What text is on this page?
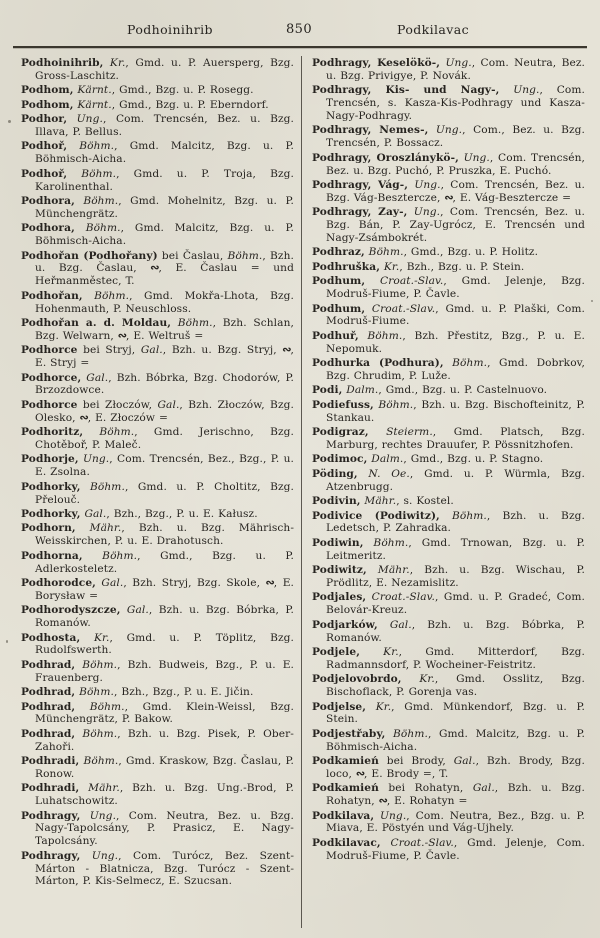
Podhoinihrib	850	Podkilavac

Podhoinihrib, Kr., Gmd. u. P. Auersperg, Bzg. Gross-Laschitz.

Podhom, Kärnt., Gmd., Bzg. u. P. Rosegg.

Podhom, Kärnt., Gmd., Bzg. u. P. Eberndorf.

Podhor, Ung., Com. Trencsén, Bez. u. Bzg. Illava, P. Bellus.

Podhoř, Böhm., Gmd. Malcitz, Bzg. u. P. Böhmisch-Aicha.

Podhoř, Böhm., Gmd. u. P. Troja, Bzg. Karolinenthal.

Podhora, Böhm., Gmd. Mohelnitz, Bzg. u. P. Münchengrätz.

Podhora, Böhm., Gmd. Malcitz, Bzg. u. P. Böhmisch-Aicha.

Podhořan (Podhořany) bei Časlau, Böhm., Bzh. u. Bzg. Časlau, ∾, E. Časlau = und Heřmanměstec, T.

Podhořan, Böhm., Gmd. Mokřa-Lhota, Bzg. Hohenmauth, P. Neuschloss.

Podhořan a. d. Moldau, Böhm., Bzh. Schlan, Bzg. Welwarn, ∾, E. Weltruš =

Podhorce bei Stryj, Gal., Bzh. u. Bzg. Stryj, ∾, E. Stryj =

Podhorce, Gal., Bzh. Bóbrka, Bzg. Chodorów, P. Brzozdowce.

Podhorce bei Złoczów, Gal., Bzh. Złoczów, Bzg. Olesko, ∾, E. Złoczów =

Podhoritz, Böhm., Gmd. Jerischno, Bzg. Chotěboř, P. Maleč.

Podhorje, Ung., Com. Trencsén, Bez., Bzg., P. u. E. Zsolna.

Podhorky, Böhm., Gmd. u. P. Choltitz, Bzg. Přelouč.

Podhorky, Gal., Bzh., Bzg., P. u. E. Kałusz.

Podhorn, Mähr., Bzh. u. Bzg. Mährisch-Weisskirchen, P. u. E. Drahotusch.

Podhorna, Böhm., Gmd., Bzg. u. P. Adlerkosteletz.

Podhorodce, Gal., Bzh. Stryj, Bzg. Skole, ∾, E. Borysław =

Podhorodyszcze, Gal., Bzh. u. Bzg. Bóbrka, P. Romanów.

Podhosta, Kr., Gmd. u. P. Töplitz, Bzg. Rudolfswerth.

Podhrad, Böhm., Bzh. Budweis, Bzg., P. u. E. Frauenberg.

Podhrad, Böhm., Bzh., Bzg., P. u. E. Jičin.

Podhrad, Böhm., Gmd. Klein-Weissl, Bzg. Münchengrätz, P. Bakow.

Podhrad, Böhm., Bzh. u. Bzg. Pisek, P. Ober-Zahoři.

Podhradi, Böhm., Gmd. Kraskow, Bzg. Časlau, P. Ronow.

Podhradi, Mähr., Bzh. u. Bzg. Ung.-Brod, P. Luhatschowitz.

Podhragy, Ung., Com. Neutra, Bez. u. Bzg. Nagy-Tapolcsány, P. Prasicz, E. Nagy-Tapolcsány.

Podhragy, Ung., Com. Turócz, Bez. Szent-Márton - Blatnicza, Bzg. Turócz - Szent-Márton, P. Kis-Selmecz, E. Szucsan.

Podhragy, Keselökö-, Ung., Com. Neutra, Bez. u. Bzg. Privigye, P. Novák.

Podhragy, Kis- und Nagy-, Ung., Com. Trencsén, s. Kasza-Kis-Podhragy und Kasza-Nagy-Podhragy.

Podhragy, Nemes-, Ung., Com., Bez. u. Bzg. Trencsén, P. Bossacz.

Podhragy, Oroszlánykö-, Ung., Com. Trencsén, Bez. u. Bzg. Puchó, P. Pruszka, E. Puchó.

Podhragy, Vág-, Ung., Com. Trencsén, Bez. u. Bzg. Vág-Besztercze, ∾, E. Vág-Besztercze =

Podhragy, Zay-, Ung., Com. Trencsén, Bez. u. Bzg. Bán, P. Zay-Ugrócz, E. Trencsén und Nagy-Zsámbokrét.

Podhraz, Böhm., Gmd., Bzg. u. P. Holitz.

Podhruška, Kr., Bzh., Bzg. u. P. Stein.

Podhum, Croat.-Slav., Gmd. Jelenje, Bzg. Modruš-Fiume, P. Čavle.

Podhum, Croat.-Slav., Gmd. u. P. Plaški, Com. Modruš-Fiume.

Podhuř, Böhm., Bzh. Přestitz, Bzg., P. u. E. Nepomuk.

Podhurka (Podhura), Böhm., Gmd. Dobrkov, Bzg. Chrudim, P. Luže.

Podi, Dalm., Gmd., Bzg. u. P. Castelnuovo.

Podiefuss, Böhm., Bzh. u. Bzg. Bischofteinitz, P. Stankau.

Podigraz, Steierm., Gmd. Platsch, Bzg. Marburg, rechtes Drauufer, P. Pössnitzhofen.

Podimoc, Dalm., Gmd., Bzg. u. P. Stagno.

Pöding, N. Oe., Gmd. u. P. Würmla, Bzg. Atzenbrugg.

Podivin, Mähr., s. Kostel.

Podivice (Podiwitz), Böhm., Bzh. u. Bzg. Ledetsch, P. Zahradka.

Podiwin, Böhm., Gmd. Trnowan, Bzg. u. P. Leitmeritz.

Podiwitz, Mähr., Bzh. u. Bzg. Wischau, P. Prödlitz, E. Nezamislitz.

Podjales, Croat.-Slav., Gmd. u. P. Gradeć, Com. Belovár-Kreuz.

Podjarków, Gal., Bzh. u. Bzg. Bóbrka, P. Romanów.

Podjele, Kr., Gmd. Mitterdorf, Bzg. Radmannsdorf, P. Wocheiner-Feistritz.

Podjelovobrdo, Kr., Gmd. Osslitz, Bzg. Bischoflack, P. Gorenja vas.

Podjelse, Kr., Gmd. Münkendorf, Bzg. u. P. Stein.

Podjestřaby, Böhm., Gmd. Malcitz, Bzg. u. P. Böhmisch-Aicha.

Podkamień bei Brody, Gal., Bzh. Brody, Bzg. loco, ∾, E. Brody =, T.

Podkamień bei Rohatyn, Gal., Bzh. u. Bzg. Rohatyn, ∾, E. Rohatyn =

Podkilava, Ung., Com. Neutra, Bez., Bzg. u. P. Miava, E. Pöstyén und Vág-Ujhely.

Podkilavac, Croat.-Slav., Gmd. Jelenje, Com. Modruš-Fiume, P. Čavle.
